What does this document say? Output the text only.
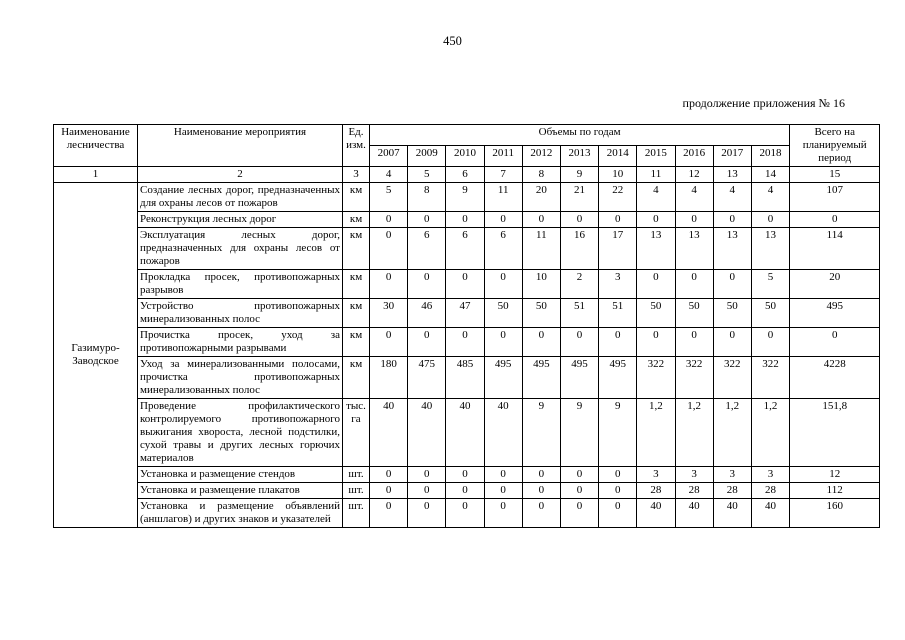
450
продолжение приложения № 16
Наименование лесничества	Наименование мероприятия	Ед. изм.	Объемы по годам											Всего на планируемый период
			2007	2009	2010	2011	2012	2013	2014	2015	2016	2017	2018	
1	2	3	4	5	6	7	8	9	10	11	12	13	14	15
Газимуро-Заводское	Создание лесных дорог, предназначенных для охраны лесов от пожаров	км	5	8	9	11	20	21	22	4	4	4	4	107
	Реконструкция лесных дорог	км	0	0	0	0	0	0	0	0	0	0	0	0
	Эксплуатация лесных дорог, предназначенных для охраны лесов от пожаров	км	0	6	6	6	11	16	17	13	13	13	13	114
	Прокладка просек, противопожарных разрывов	км	0	0	0	0	10	2	3	0	0	0	5	20
	Устройство противопожарных минерализованных полос	км	30	46	47	50	50	51	51	50	50	50	50	495
	Прочистка просек, уход за противопожарными разрывами	км	0	0	0	0	0	0	0	0	0	0	0	0
	Уход за минерализованными полосами, прочистка противопожарных минерализованных полос	км	180	475	485	495	495	495	495	322	322	322	322	4228
	Проведение профилактического контролируемого противопожарного выжигания хвороста, лесной подстилки, сухой травы и других лесных горючих материалов	тыс. га	40	40	40	40	9	9	9	1,2	1,2	1,2	1,2	151,8
	Установка и размещение стендов	шт.	0	0	0	0	0	0	0	3	3	3	3	12
	Установка и размещение плакатов	шт.	0	0	0	0	0	0	0	28	28	28	28	112
	Установка и размещение объявлений (аншлагов) и других знаков и указателей	шт.	0	0	0	0	0	0	0	40	40	40	40	160
